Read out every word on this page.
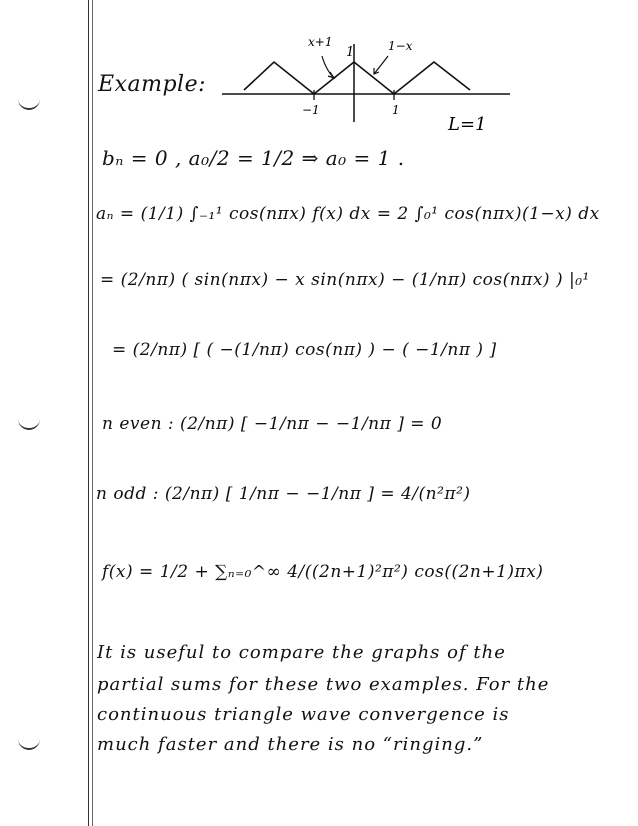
Example:
x+1
1	1−x
−1	1
L=1
bₙ = 0 , a₀/2 = 1/2 ⇒ a₀ = 1 .
aₙ = (1/1) ∫₋₁¹ cos(nπx) f(x) dx = 2 ∫₀¹ cos(nπx)(1−x) dx
= (2/nπ) ( sin(nπx) − x sin(nπx) − (1/nπ) cos(nπx) ) |₀¹
= (2/nπ) [ ( −(1/nπ) cos(nπ) ) − ( −1/nπ ) ]
n even : (2/nπ) [ −1/nπ − −1/nπ ] = 0
n odd : (2/nπ) [ 1/nπ − −1/nπ ] = 4/(n²π²)
f(x) = 1/2 + ∑ₙ₌₀^∞ 4/((2n+1)²π²) cos((2n+1)πx)
It is useful to compare the graphs of the
partial sums for these two examples. For the
continuous triangle wave convergence is
much faster and there is no “ringing.”
